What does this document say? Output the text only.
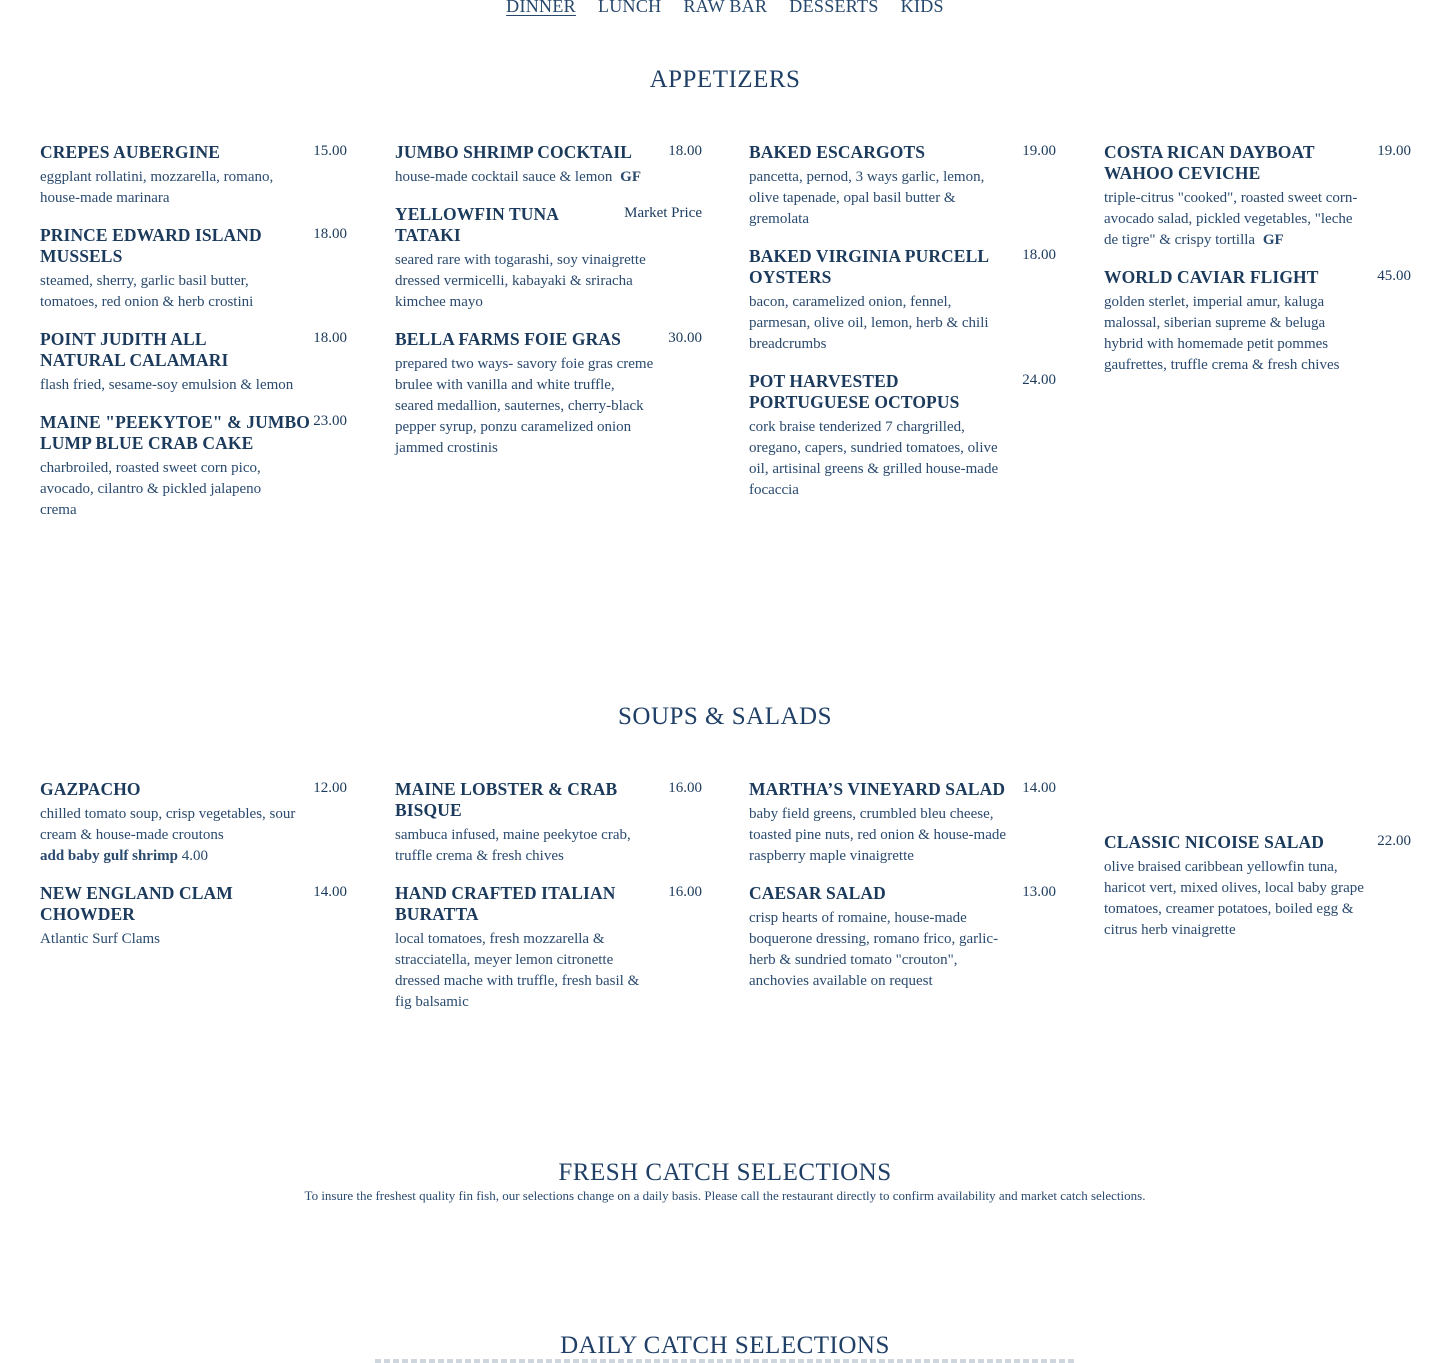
DINNER LUNCH RAW BAR DESSERTS KIDS
APPETIZERS
CREPES AUBERGINE	15.00
eggplant rollatini, mozzarella, romano, house-made marinara
PRINCE EDWARD ISLAND MUSSELS
18.00
steamed, sherry, garlic basil butter, tomatoes, red onion & herb crostini
POINT JUDITH ALL NATURAL CALAMARI
18.00
flash fried, sesame-soy emulsion & lemon
MAINE "PEEKYTOE" & JUMBO LUMP BLUE CRAB CAKE
23.00
charbroiled, roasted sweet corn pico, avocado, cilantro & pickled jalapeno crema
JUMBO SHRIMP COCKTAIL 18.00
house-made cocktail sauce & lemon GF
YELLOWFIN TUNA TATAKI
Market Price
seared rare with togarashi, soy vinaigrette dressed vermicelli, kabayaki & sriracha kimchee mayo
BELLA FARMS FOIE GRAS	30.00
prepared two ways- savory foie gras creme brulee with vanilla and white truffle, seared medallion, sauternes, cherry-black pepper syrup, ponzu caramelized onion jammed crostinis
BAKED ESCARGOTS	19.00
pancetta, pernod, 3 ways garlic, lemon, olive tapenade, opal basil butter & gremolata
BAKED VIRGINIA PURCELL OYSTERS
18.00
bacon, caramelized onion, fennel, parmesan, olive oil, lemon, herb & chili breadcrumbs
POT HARVESTED PORTUGUESE OCTOPUS
24.00
cork braise tenderized 7 chargrilled, oregano, capers, sundried tomatoes, olive oil, artisinal greens & grilled house-made focaccia
COSTA RICAN DAYBOAT WAHOO CEVICHE
19.00
triple-citrus "cooked", roasted sweet corn-avocado salad, pickled vegetables, "leche de tigre" & crispy tortilla GF
WORLD CAVIAR FLIGHT	45.00
golden sterlet, imperial amur, kaluga malossal, siberian supreme & beluga hybrid with homemade petit pommes gaufrettes, truffle crema & fresh chives
SOUPS & SALADS
GAZPACHO	12.00
chilled tomato soup, crisp vegetables, sour cream & house-made croutons
add baby gulf shrimp 4.00
NEW ENGLAND CLAM CHOWDER
14.00
Atlantic Surf Clams
MAINE LOBSTER & CRAB BISQUE
16.00
sambuca infused, maine peekytoe crab, truffle crema & fresh chives
HAND CRAFTED ITALIAN BURATTA
16.00
local tomatoes, fresh mozzarella & stracciatella, meyer lemon citronette dressed mache with truffle, fresh basil & fig balsamic
MARTHA’S VINEYARD SALAD 14.00
baby field greens, crumbled bleu cheese, toasted pine nuts, red onion & house-made raspberry maple vinaigrette
CAESAR SALAD	13.00
crisp hearts of romaine, house-made boquerone dressing, romano frico, garlic-herb & sundried tomato "crouton", anchovies available on request
CLASSIC NICOISE SALAD	22.00
olive braised caribbean yellowfin tuna, haricot vert, mixed olives, local baby grape tomatoes, creamer potatoes, boiled egg & citrus herb vinaigrette
FRESH CATCH SELECTIONS
To insure the freshest quality fin fish, our selections change on a daily basis. Please call the restaurant directly to confirm availability and market catch selections.
DAILY CATCH SELECTIONS
